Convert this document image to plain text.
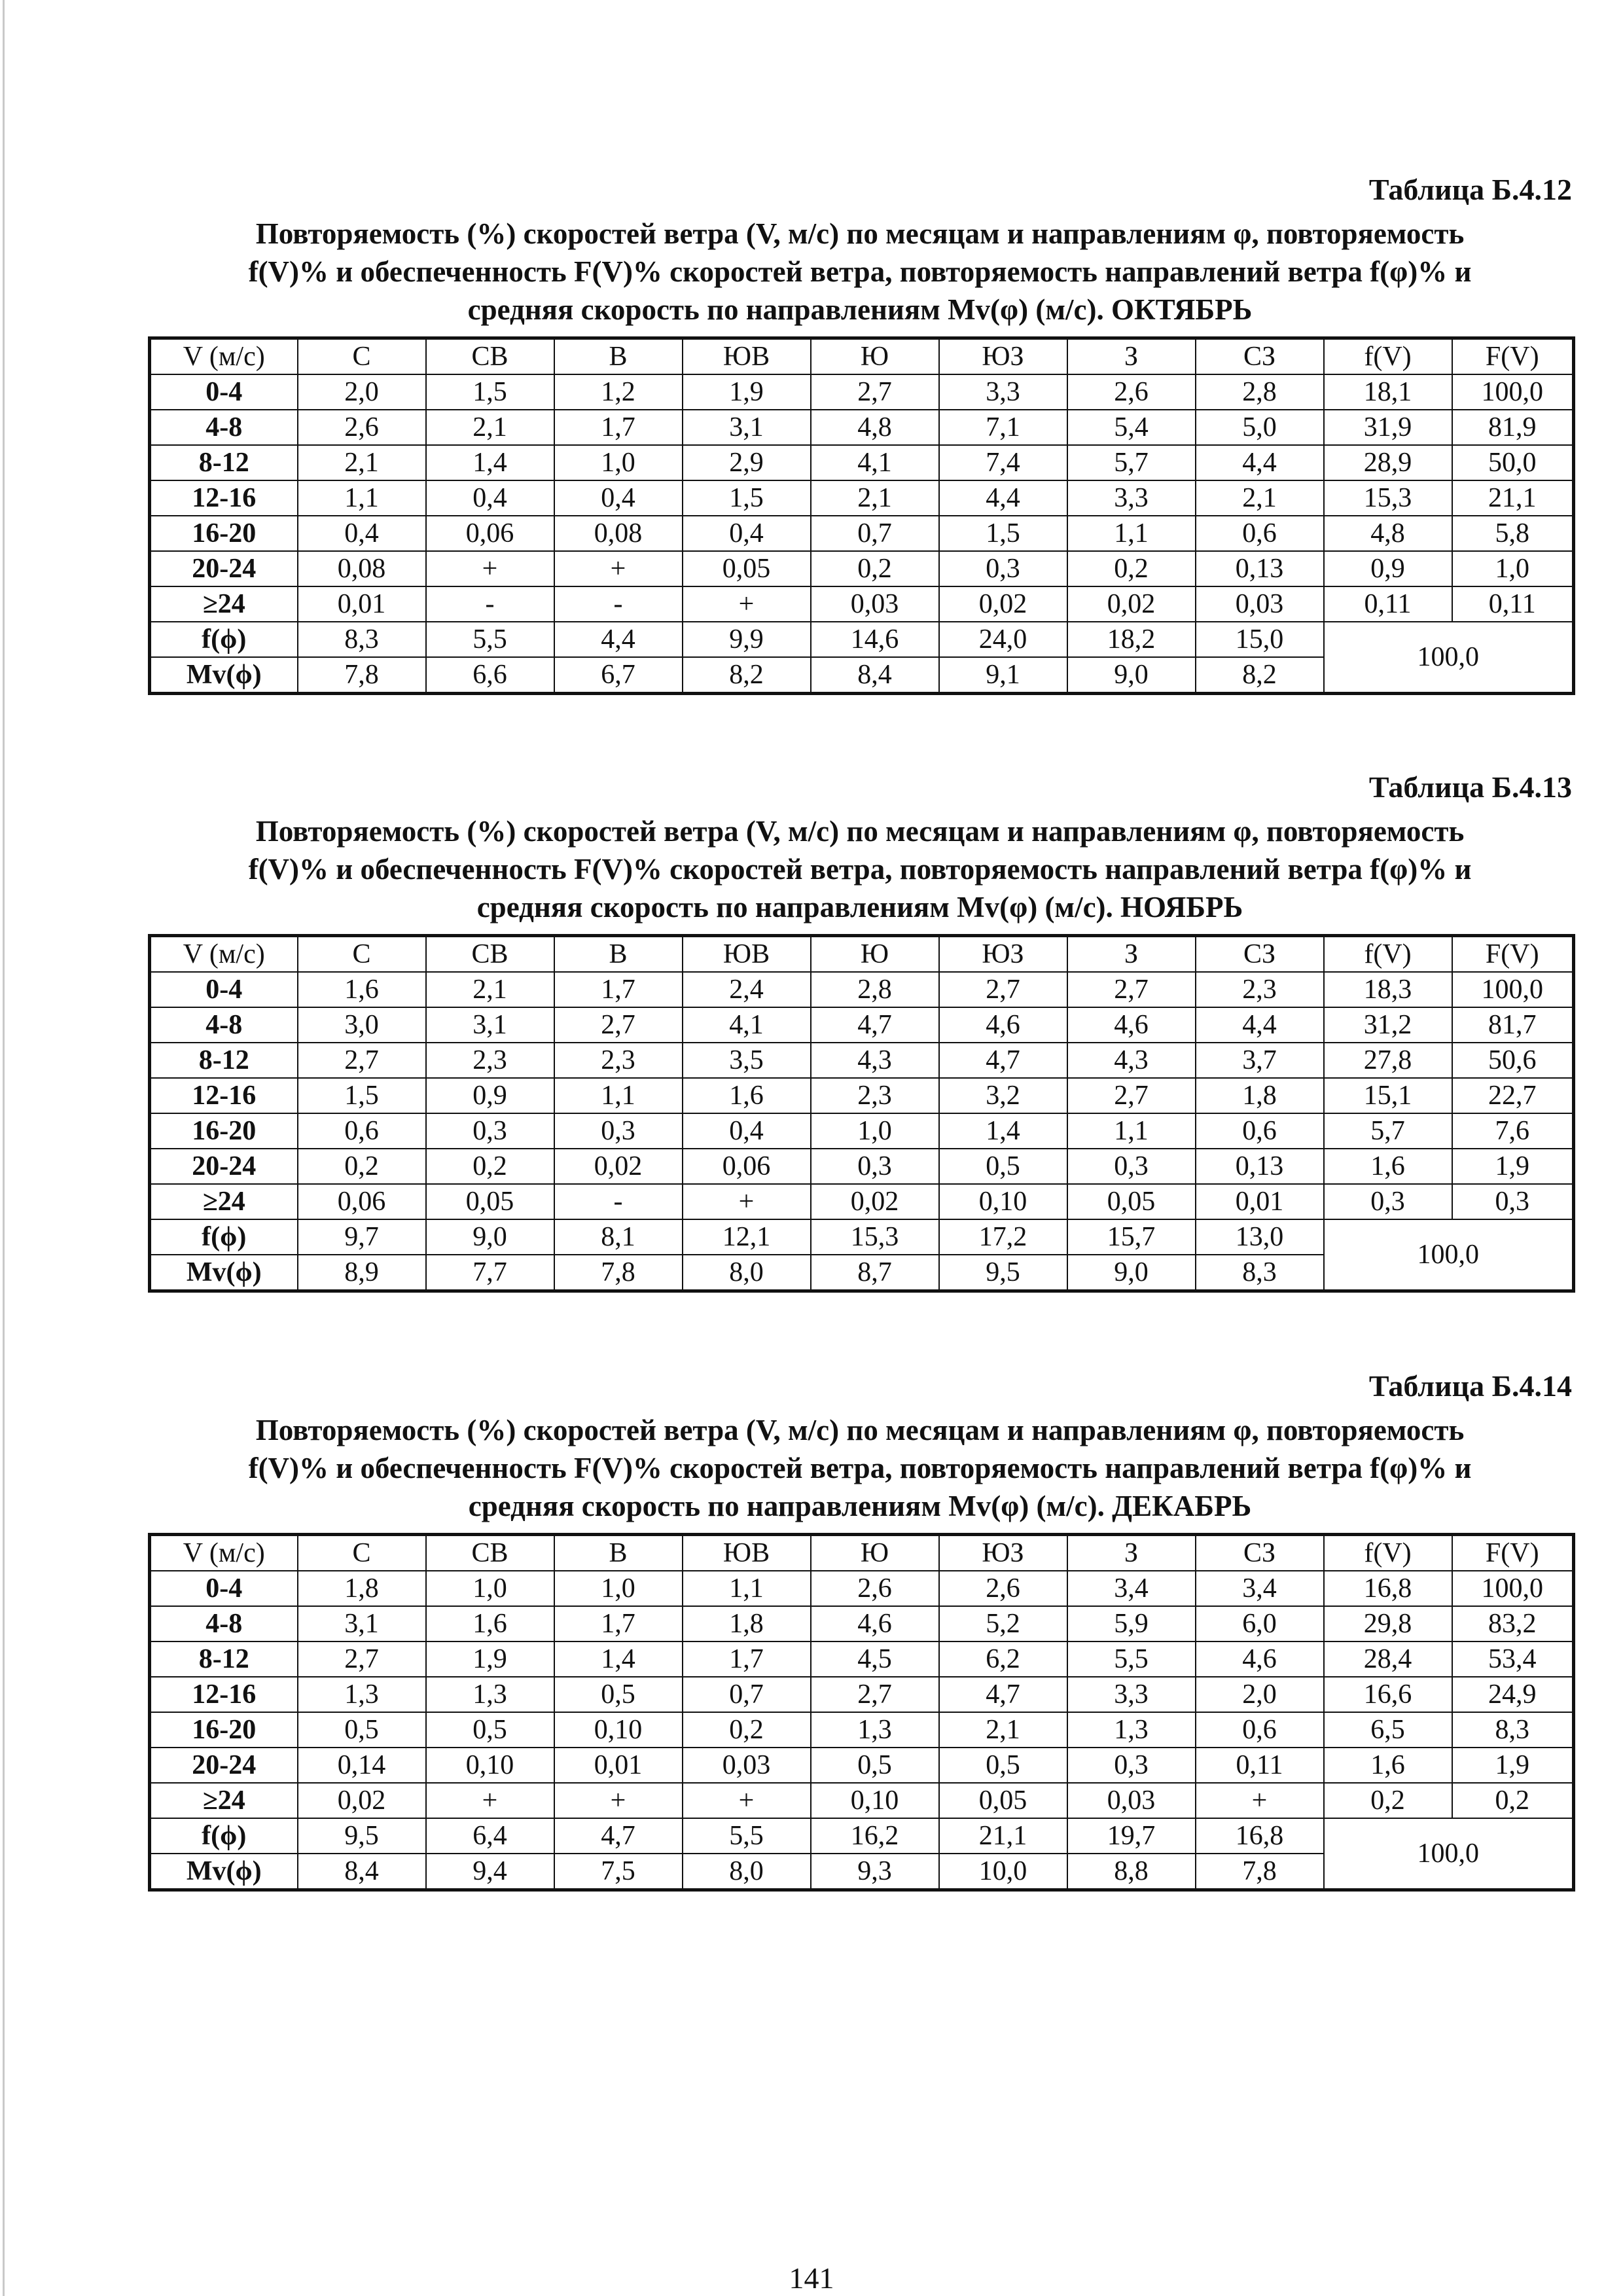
Таблица Б.4.12
Повторяемость (%) скоростей ветра (V, м/с) по месяцам и направлениям φ, повторяемость
f(V)% и обеспеченность F(V)% скоростей ветра, повторяемость направлений ветра f(φ)% и
средняя скорость по направлениям Mv(φ) (м/с). ОКТЯБРЬ
V (м/с)	С	СВ	В	ЮВ	Ю	ЮЗ	З	СЗ	f(V)	F(V)
0-4	2,0	1,5	1,2	1,9	2,7	3,3	2,6	2,8	18,1	100,0
4-8	2,6	2,1	1,7	3,1	4,8	7,1	5,4	5,0	31,9	81,9
8-12	2,1	1,4	1,0	2,9	4,1	7,4	5,7	4,4	28,9	50,0
12-16	1,1	0,4	0,4	1,5	2,1	4,4	3,3	2,1	15,3	21,1
16-20	0,4	0,06	0,08	0,4	0,7	1,5	1,1	0,6	4,8	5,8
20-24	0,08	+	+	0,05	0,2	0,3	0,2	0,13	0,9	1,0
≥24	0,01	-	-	+	0,03	0,02	0,02	0,03	0,11	0,11
f(ϕ)	8,3	5,5	4,4	9,9	14,6	24,0	18,2	15,0	100,0	
Mv(ϕ)	7,8	6,6	6,7	8,2	8,4	9,1	9,0	8,2		
Таблица Б.4.13
Повторяемость (%) скоростей ветра (V, м/с) по месяцам и направлениям φ, повторяемость
f(V)% и обеспеченность F(V)% скоростей ветра, повторяемость направлений ветра f(φ)% и
средняя скорость по направлениям Mv(φ) (м/с). НОЯБРЬ
V (м/с)	С	СВ	В	ЮВ	Ю	ЮЗ	З	СЗ	f(V)	F(V)
0-4	1,6	2,1	1,7	2,4	2,8	2,7	2,7	2,3	18,3	100,0
4-8	3,0	3,1	2,7	4,1	4,7	4,6	4,6	4,4	31,2	81,7
8-12	2,7	2,3	2,3	3,5	4,3	4,7	4,3	3,7	27,8	50,6
12-16	1,5	0,9	1,1	1,6	2,3	3,2	2,7	1,8	15,1	22,7
16-20	0,6	0,3	0,3	0,4	1,0	1,4	1,1	0,6	5,7	7,6
20-24	0,2	0,2	0,02	0,06	0,3	0,5	0,3	0,13	1,6	1,9
≥24	0,06	0,05	-	+	0,02	0,10	0,05	0,01	0,3	0,3
f(ϕ)	9,7	9,0	8,1	12,1	15,3	17,2	15,7	13,0	100,0	
Mv(ϕ)	8,9	7,7	7,8	8,0	8,7	9,5	9,0	8,3		
Таблица Б.4.14
Повторяемость (%) скоростей ветра (V, м/с) по месяцам и направлениям φ, повторяемость
f(V)% и обеспеченность F(V)% скоростей ветра, повторяемость направлений ветра f(φ)% и
средняя скорость по направлениям Mv(φ) (м/с). ДЕКАБРЬ
V (м/с)	С	СВ	В	ЮВ	Ю	ЮЗ	З	СЗ	f(V)	F(V)
0-4	1,8	1,0	1,0	1,1	2,6	2,6	3,4	3,4	16,8	100,0
4-8	3,1	1,6	1,7	1,8	4,6	5,2	5,9	6,0	29,8	83,2
8-12	2,7	1,9	1,4	1,7	4,5	6,2	5,5	4,6	28,4	53,4
12-16	1,3	1,3	0,5	0,7	2,7	4,7	3,3	2,0	16,6	24,9
16-20	0,5	0,5	0,10	0,2	1,3	2,1	1,3	0,6	6,5	8,3
20-24	0,14	0,10	0,01	0,03	0,5	0,5	0,3	0,11	1,6	1,9
≥24	0,02	+	+	+	0,10	0,05	0,03	+	0,2	0,2
f(ϕ)	9,5	6,4	4,7	5,5	16,2	21,1	19,7	16,8	100,0	
Mv(ϕ)	8,4	9,4	7,5	8,0	9,3	10,0	8,8	7,8		
141
